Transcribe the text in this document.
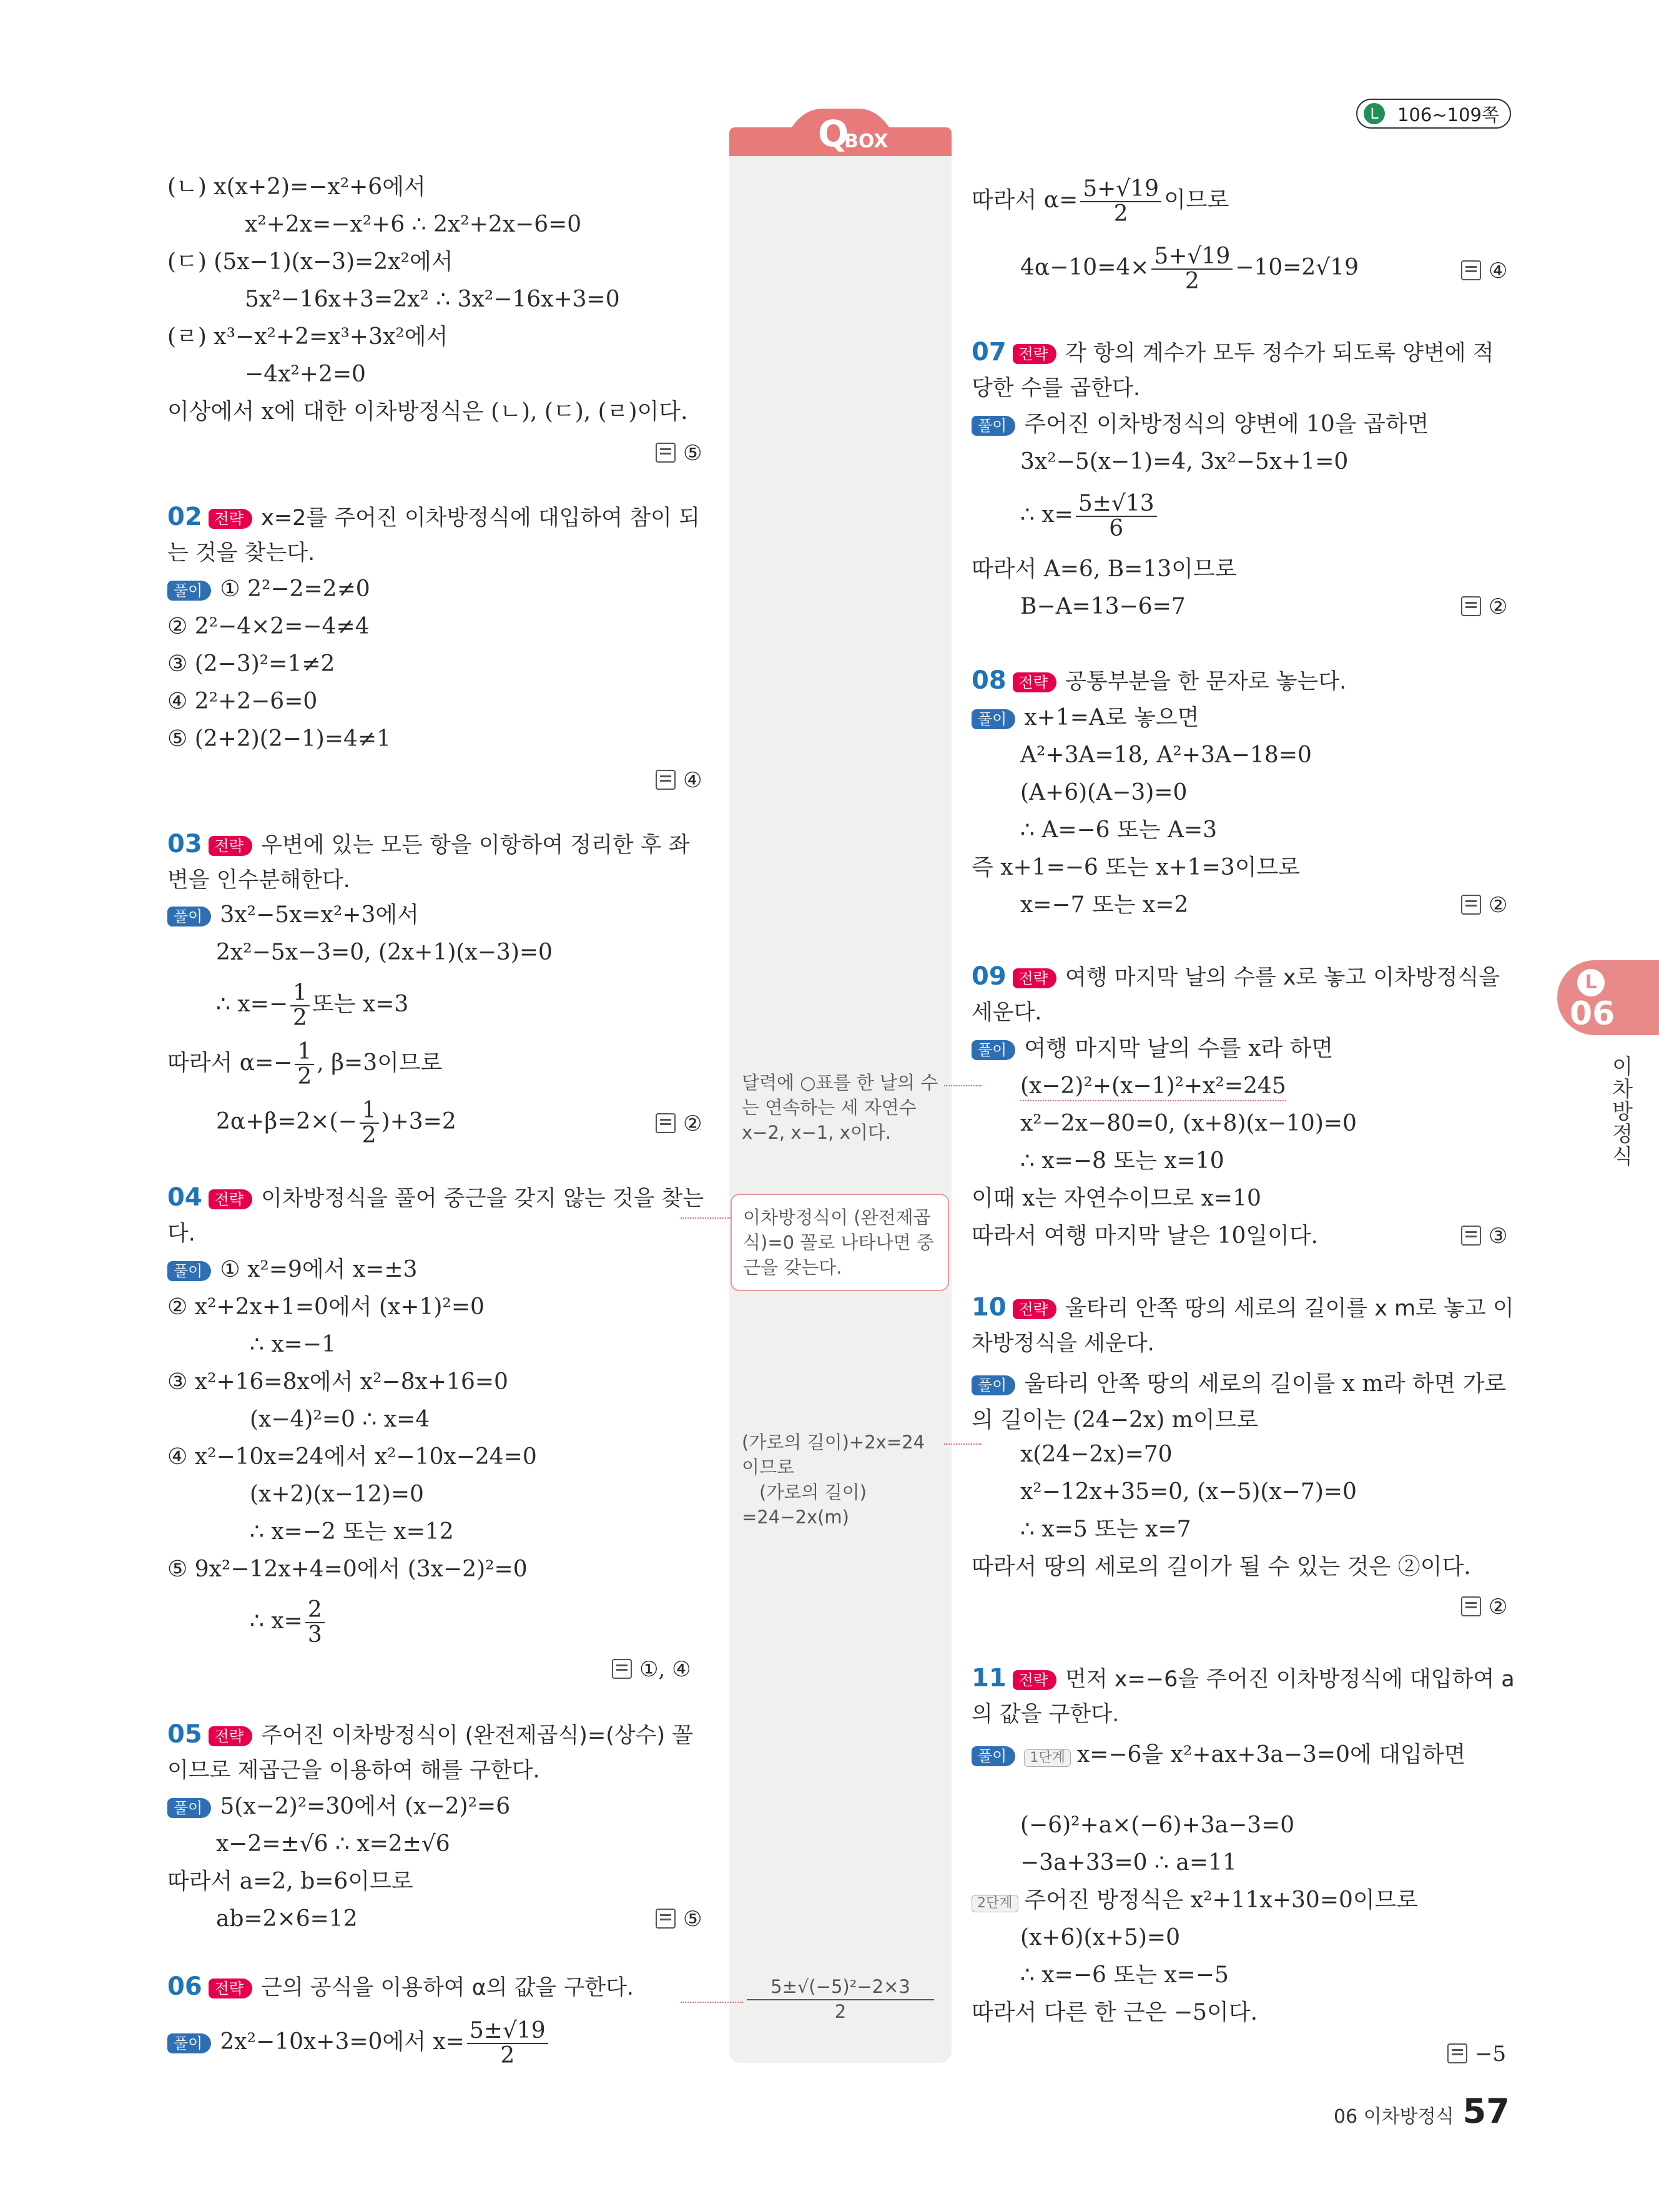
L	106~109쪽
Q
BOX
달력에 ○표를 한 날의 수는 연속하는 세 자연수 x−2, x−1, x이다.
이차방정식이 (완전제곱식)=0 꼴로 나타나면 중근을 갖는다.
(가로의 길이)+2x=24 이므로
(가로의 길이)
=24−2x(m)
$\frac{\text{5±√(−5)²−2×3}}{2}$
(ㄴ) x(x+2)=−x²+6에서
x²+2x=−x²+6 ∴ 2x²+2x−6=0
(ㄷ) (5x−1)(x−3)=2x²에서
5x²−16x+3=2x² ∴ 3x²−16x+3=0
(ㄹ) x³−x²+2=x³+3x²에서
−4x²+2=0
이상에서 x에 대한 이차방정식은 (ㄴ), (ㄷ), (ㄹ)이다.
⑤
02 전략 x=2를 주어진 이차방정식에 대입하여 참이 되는 것을 찾는다.
풀이 ① 2²−2=2≠0
② 2²−4×2=−4≠4
③ (2−3)²=1≠2
④ 2²+2−6=0
⑤ (2+2)(2−1)=4≠1
④
03 전략 우변에 있는 모든 항을 이항하여 정리한 후 좌변을 인수분해한다.
풀이 3x²−5x=x²+3에서
2x²−5x−3=0, (2x+1)(x−3)=0
∴ $x=- \frac{1}{2}$ 또는 x=3
따라서 $\alpha=- \frac{1}{2}$ , β=3이므로
$2\alpha+\beta=2\times(- \frac{1}{2} )+3=2$	②
04 전략 이차방정식을 풀어 중근을 갖지 않는 것을 찾는다.
풀이 ① x²=9에서 x=±3
② x²+2x+1=0에서 (x+1)²=0
∴ x=−1
③ x²+16=8x에서 x²−8x+16=0
(x−4)²=0 ∴ x=4
④ x²−10x=24에서 x²−10x−24=0
(x+2)(x−12)=0
∴ x=−2 또는 x=12
⑤ 9x²−12x+4=0에서 (3x−2)²=0
∴ $x= \frac{2}{3}$
①, ④
05 전략 주어진 이차방정식이 (완전제곱식)=(상수) 꼴이므로 제곱근을 이용하여 해를 구한다.
풀이 5(x−2)²=30에서 (x−2)²=6
x−2=±√6 ∴ x=2±√6
따라서 a=2, b=6이므로
ab=2×6=12	⑤
06 전략 근의 공식을 이용하여 α의 값을 구한다.
풀이 2x²−10x+3=0에서 $x= \frac{5\pm√19}{2}$
따라서 $\alpha= \frac{5+√19}{2}$ 이므로
$4\alpha-10=4\times \frac{5+√19}{2} -10=2√19$	④
07 전략 각 항의 계수가 모두 정수가 되도록 양변에 적당한 수를 곱한다.
풀이 주어진 이차방정식의 양변에 10을 곱하면
3x²−5(x−1)=4, 3x²−5x+1=0
∴ $x= \frac{5\pm√13}{6}$
따라서 A=6, B=13이므로
B−A=13−6=7	②
08 전략 공통부분을 한 문자로 놓는다.
풀이 x+1=A로 놓으면
A²+3A=18, A²+3A−18=0
(A+6)(A−3)=0
∴ A=−6 또는 A=3
즉 x+1=−6 또는 x+1=3이므로
x=−7 또는 x=2	②
09 전략 여행 마지막 날의 수를 x로 놓고 이차방정식을 세운다.
풀이 여행 마지막 날의 수를 x라 하면
(x−2)²+(x−1)²+x²=245
x²−2x−80=0, (x+8)(x−10)=0
∴ x=−8 또는 x=10
이때 x는 자연수이므로 x=10
따라서 여행 마지막 날은 10일이다.	③
10 전략 울타리 안쪽 땅의 세로의 길이를 x m로 놓고 이차방정식을 세운다.
풀이 울타리 안쪽 땅의 세로의 길이를 x m라 하면 가로의 길이는 (24−2x) m이므로
x(24−2x)=70
x²−12x+35=0, (x−5)(x−7)=0
∴ x=5 또는 x=7
따라서 땅의 세로의 길이가 될 수 있는 것은 ②이다.
②
11 전략 먼저 x=−6을 주어진 이차방정식에 대입하여 a의 값을 구한다.
풀이 1단계 x=−6을 x²+ax+3a−3=0에 대입하면
(−6)²+a×(−6)+3a−3=0
−3a+33=0 ∴ a=11
2단계 주어진 방정식은 x²+11x+30=0이므로
(x+6)(x+5)=0
∴ x=−6 또는 x=−5
따라서 다른 한 근은 −5이다.
−5
L
06
이차방정식
06 이차방정식 57
